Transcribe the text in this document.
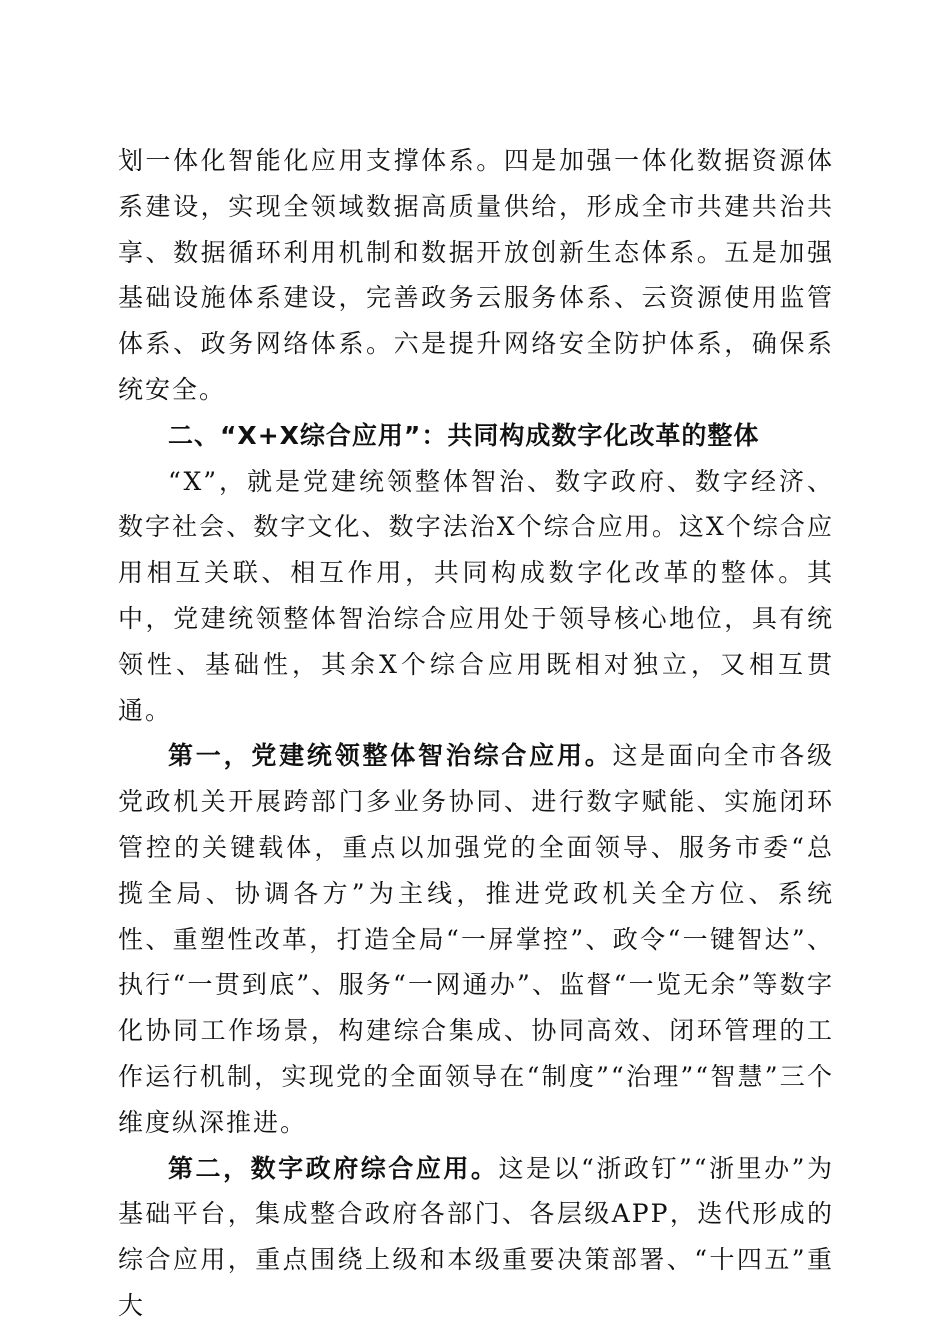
划一体化智能化应用支撑体系。四是加强一体化数据资源体系建设，实现全领域数据高质量供给，形成全市共建共治共享、数据循环利用机制和数据开放创新生态体系。五是加强基础设施体系建设，完善政务云服务体系、云资源使用监管体系、政务网络体系。六是提升网络安全防护体系，确保系统安全。

二、“X+X综合应用”：共同构成数字化改革的整体

“X”，就是党建统领整体智治、数字政府、数字经济、数字社会、数字文化、数字法治X个综合应用。这X个综合应用相互关联、相互作用，共同构成数字化改革的整体。其中，党建统领整体智治综合应用处于领导核心地位，具有统领性、基础性，其余X个综合应用既相对独立，又相互贯通。

第一，党建统领整体智治综合应用。这是面向全市各级党政机关开展跨部门多业务协同、进行数字赋能、实施闭环管控的关键载体，重点以加强党的全面领导、服务市委“总揽全局、协调各方”为主线，推进党政机关全方位、系统性、重塑性改革，打造全局“一屏掌控”、政令“一键智达”、执行“一贯到底”、服务“一网通办”、监督“一览无余”等数字化协同工作场景，构建综合集成、协同高效、闭环管理的工作运行机制，实现党的全面领导在“制度”“治理”“智慧”三个维度纵深推进。

第二，数字政府综合应用。这是以“浙政钉”“浙里办”为基础平台，集成整合政府各部门、各层级APP，迭代形成的综合应用，重点围绕上级和本级重要决策部署、“十四五”重大
